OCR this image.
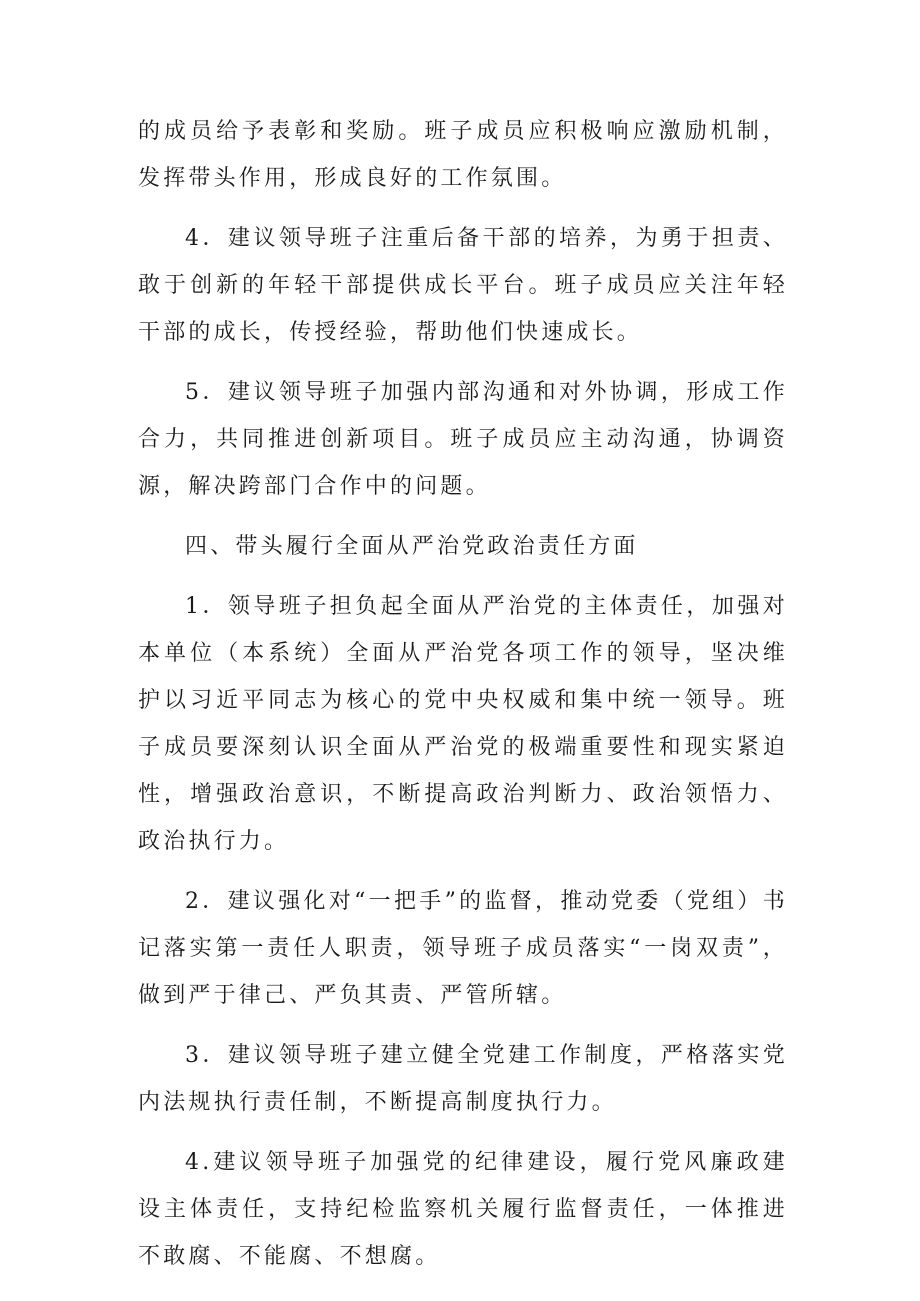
的成员给予表彰和奖励。班子成员应积极响应激励机制，发挥带头作用，形成良好的工作氛围。

4．建议领导班子注重后备干部的培养，为勇于担责、敢于创新的年轻干部提供成长平台。班子成员应关注年轻干部的成长，传授经验，帮助他们快速成长。

5．建议领导班子加强内部沟通和对外协调，形成工作合力，共同推进创新项目。班子成员应主动沟通，协调资源，解决跨部门合作中的问题。

四、带头履行全面从严治党政治责任方面

1．领导班子担负起全面从严治党的主体责任，加强对本单位（本系统）全面从严治党各项工作的领导，坚决维护以习近平同志为核心的党中央权威和集中统一领导。班子成员要深刻认识全面从严治党的极端重要性和现实紧迫性，增强政治意识，不断提高政治判断力、政治领悟力、政治执行力。

2．建议强化对“一把手”的监督，推动党委（党组）书记落实第一责任人职责，领导班子成员落实“一岗双责”，做到严于律己、严负其责、严管所辖。

3．建议领导班子建立健全党建工作制度，严格落实党内法规执行责任制，不断提高制度执行力。

4.建议领导班子加强党的纪律建设，履行党风廉政建设主体责任，支持纪检监察机关履行监督责任，一体推进不敢腐、不能腐、不想腐。
